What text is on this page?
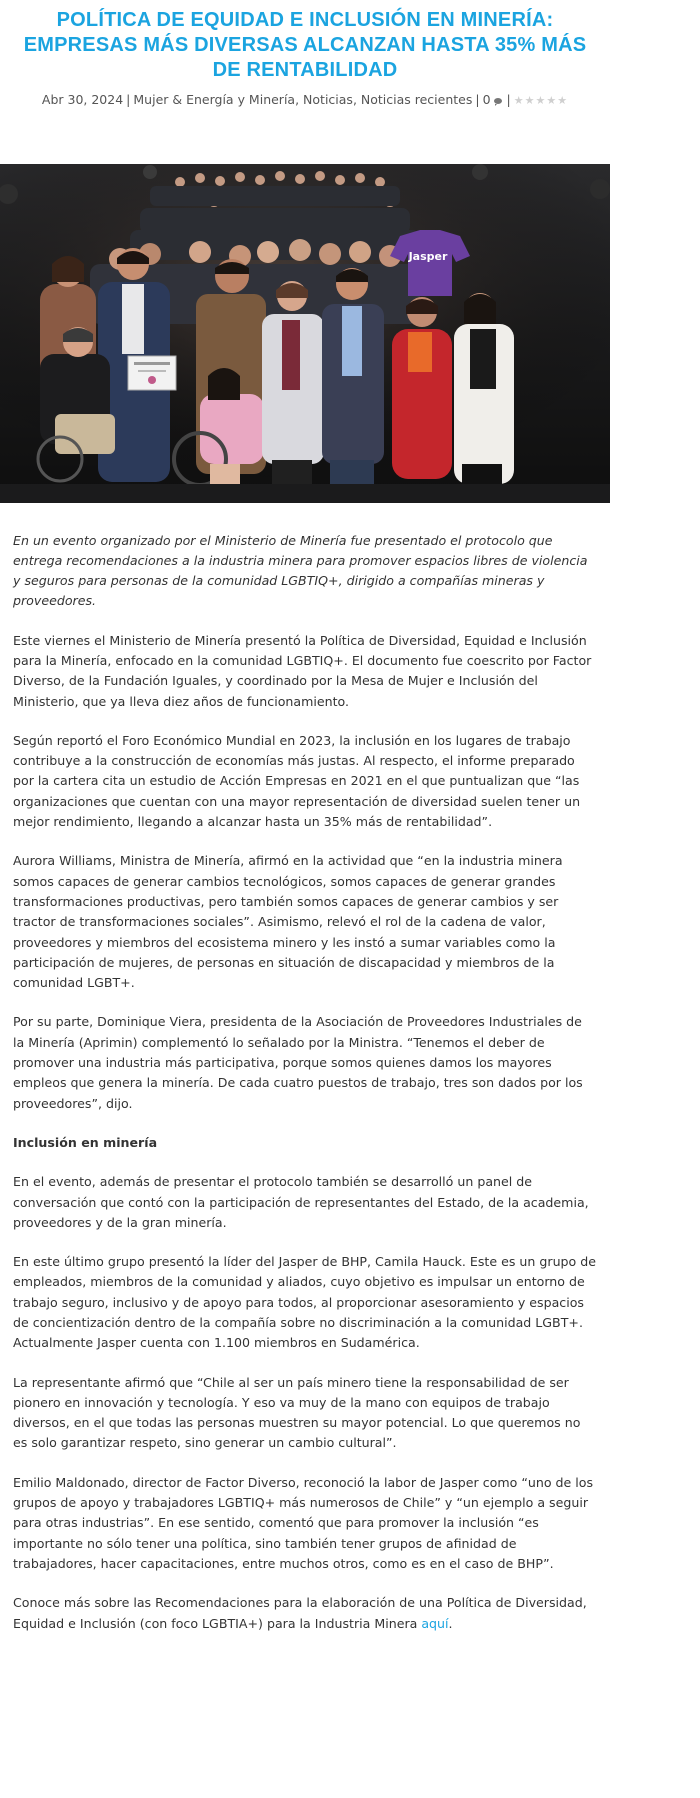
POLÍTICA DE EQUIDAD E INCLUSIÓN EN MINERÍA: EMPRESAS MÁS DIVERSAS ALCANZAN HASTA 35% MÁS DE RENTABILIDAD
Abr 30, 2024 | Mujer & Energía y Minería, Noticias, Noticias recientes | 0 | ★★★★★
Jasper

En un evento organizado por el Ministerio de Minería fue presentado el protocolo que entrega recomendaciones a la industria minera para promover espacios libres de violencia y seguros para personas de la comunidad LGBTIQ+, dirigido a compañías mineras y proveedores.

Este viernes el Ministerio de Minería presentó la Política de Diversidad, Equidad e Inclusión para la Minería, enfocado en la comunidad LGBTIQ+. El documento fue coescrito por Factor Diverso, de la Fundación Iguales, y coordinado por la Mesa de Mujer e Inclusión del Ministerio, que ya lleva diez años de funcionamiento.

Según reportó el Foro Económico Mundial en 2023, la inclusión en los lugares de trabajo contribuye a la construcción de economías más justas. Al respecto, el informe preparado por la cartera cita un estudio de Acción Empresas en 2021 en el que puntualizan que “las organizaciones que cuentan con una mayor representación de diversidad suelen tener un mejor rendimiento, llegando a alcanzar hasta un 35% más de rentabilidad”.

Aurora Williams, Ministra de Minería, afirmó en la actividad que “en la industria minera somos capaces de generar cambios tecnológicos, somos capaces de generar grandes transformaciones productivas, pero también somos capaces de generar cambios y ser tractor de transformaciones sociales”. Asimismo, relevó el rol de la cadena de valor, proveedores y miembros del ecosistema minero y les instó a sumar variables como la participación de mujeres, de personas en situación de discapacidad y miembros de la comunidad LGBT+.

Por su parte, Dominique Viera, presidenta de la Asociación de Proveedores Industriales de la Minería (Aprimin) complementó lo señalado por la Ministra. “Tenemos el deber de promover una industria más participativa, porque somos quienes damos los mayores empleos que genera la minería. De cada cuatro puestos de trabajo, tres son dados por los proveedores”, dijo.

Inclusión en minería

En el evento, además de presentar el protocolo también se desarrolló un panel de conversación que contó con la participación de representantes del Estado, de la academia, proveedores y de la gran minería.

En este último grupo presentó la líder del Jasper de BHP, Camila Hauck. Este es un grupo de empleados, miembros de la comunidad y aliados, cuyo objetivo es impulsar un entorno de trabajo seguro, inclusivo y de apoyo para todos, al proporcionar asesoramiento y espacios de concientización dentro de la compañía sobre no discriminación a la comunidad LGBT+. Actualmente Jasper cuenta con 1.100 miembros en Sudamérica.

La representante afirmó que “Chile al ser un país minero tiene la responsabilidad de ser pionero en innovación y tecnología. Y eso va muy de la mano con equipos de trabajo diversos, en el que todas las personas muestren su mayor potencial. Lo que queremos no es solo garantizar respeto, sino generar un cambio cultural”.

Emilio Maldonado, director de Factor Diverso, reconoció la labor de Jasper como “uno de los grupos de apoyo y trabajadores LGBTIQ+ más numerosos de Chile” y “un ejemplo a seguir para otras industrias”. En ese sentido, comentó que para promover la inclusión “es importante no sólo tener una política, sino también tener grupos de afinidad de trabajadores, hacer capacitaciones, entre muchos otros, como es en el caso de BHP”.

Conoce más sobre las Recomendaciones para la elaboración de una Política de Diversidad, Equidad e Inclusión (con foco LGBTIA+) para la Industria Minera aquí.
